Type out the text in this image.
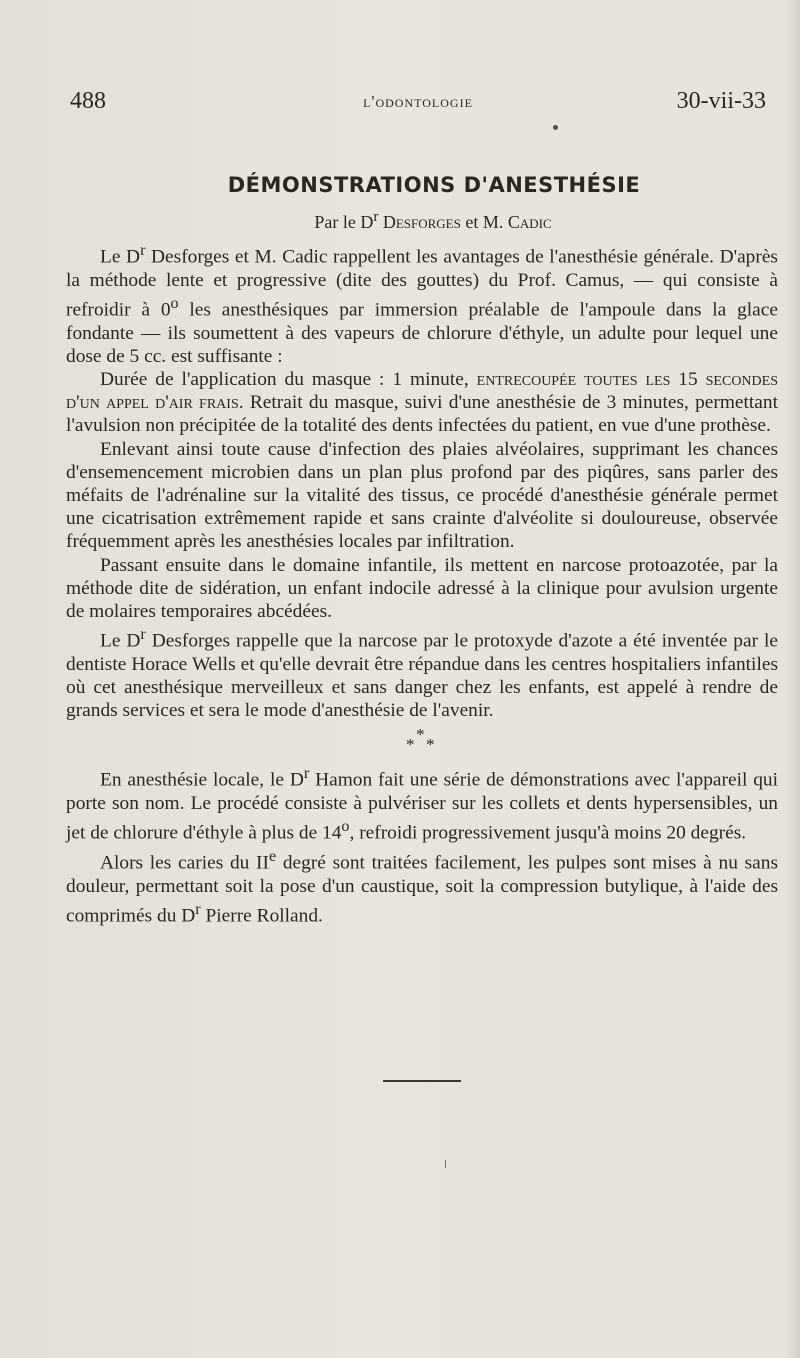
488	l'odontologie	30-vii-33
DÉMONSTRATIONS D'ANESTHÉSIE

Par le $D^r$ Desforges et M. Cadic

Le $D^r$ Desforges et M. Cadic rappellent les avantages de l'anesthésie générale. D'après la méthode lente et progressive (dite des gouttes) du Prof. Camus, — qui consiste à refroidir à 0$^o$ les anesthésiques par immersion préalable de l'ampoule dans la glace fondante — ils soumettent à des vapeurs de chlorure d'éthyle, un adulte pour lequel une dose de 5 cc. est suffisante :

Durée de l'application du masque : 1 minute, entrecoupée toutes les 15 secondes d'un appel d'air frais. Retrait du masque, suivi d'une anesthésie de 3 minutes, permettant l'avulsion non précipitée de la totalité des dents infectées du patient, en vue d'une prothèse.

Enlevant ainsi toute cause d'infection des plaies alvéolaires, supprimant les chances d'ensemencement microbien dans un plan plus profond par des piqûres, sans parler des méfaits de l'adrénaline sur la vitalité des tissus, ce procédé d'anesthésie générale permet une cicatrisation extrêmement rapide et sans crainte d'alvéolite si douloureuse, observée fréquemment après les anesthésies locales par infiltration.

Passant ensuite dans le domaine infantile, ils mettent en narcose protoazotée, par la méthode dite de sidération, un enfant indocile adressé à la clinique pour avulsion urgente de molaires temporaires abcédées.

Le $D^r$ Desforges rappelle que la narcose par le protoxyde d'azote a été inventée par le dentiste Horace Wells et qu'elle devrait être répandue dans les centres hospitaliers infantiles où cet anesthésique merveilleux et sans danger chez les enfants, est appelé à rendre de grands services et sera le mode d'anesthésie de l'avenir.

*
* *

En anesthésie locale, le $D^r$ Hamon fait une série de démonstrations avec l'appareil qui porte son nom. Le procédé consiste à pulvériser sur les collets et dents hypersensibles, un jet de chlorure d'éthyle à plus de 14$^o$, refroidi progressivement jusqu'à moins 20 degrés.

Alors les caries du IIe degré sont traitées facilement, les pulpes sont mises à nu sans douleur, permettant soit la pose d'un caustique, soit la compression butylique, à l'aide des comprimés du $D^r$ Pierre Rolland.
